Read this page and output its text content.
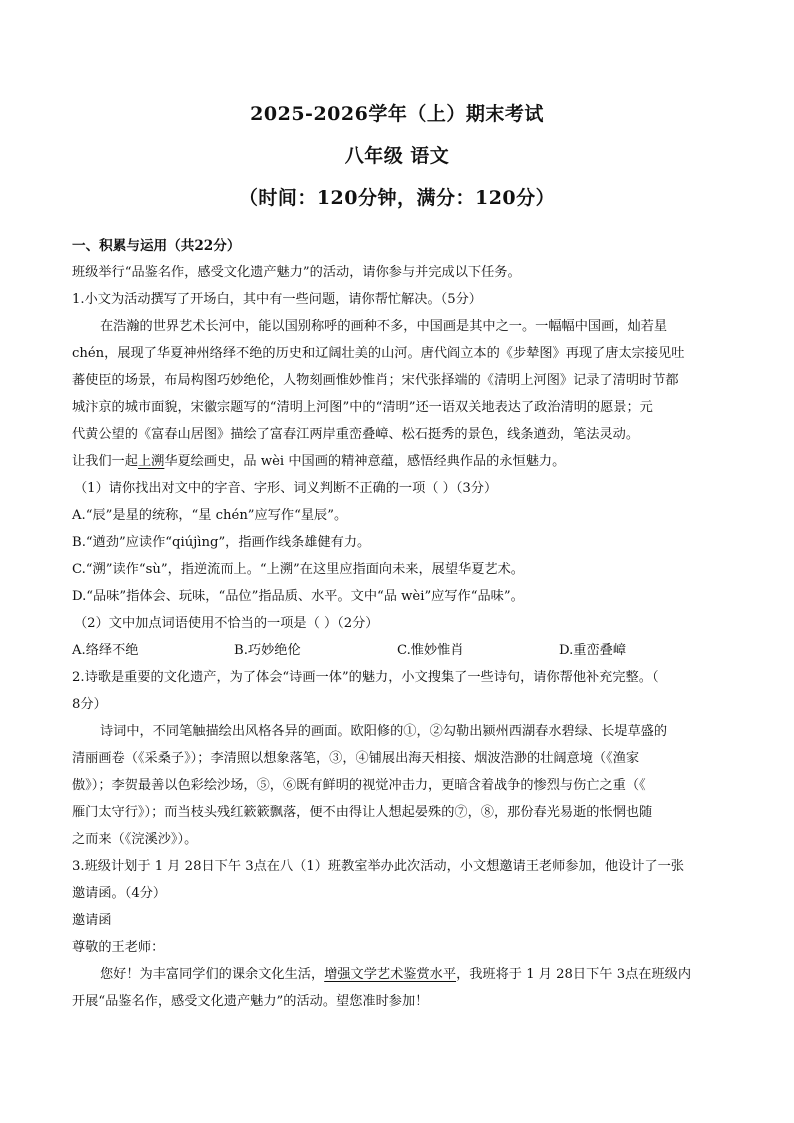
2025-2026学年（上）期末考试
八年级 语文
（时间：120分钟，满分：120分）
一、积累与运用（共22分）
班级举行“品鉴名作，感受文化遗产魅力”的活动，请你参与并完成以下任务。
1.小文为活动撰写了开场白，其中有一些问题，请你帮忙解决。（5分）
在浩瀚的世界艺术长河中，能以国别称呼的画种不多，中国画是其中之一。一幅幅中国画，灿若星
chén，展现了华夏神州络绎不绝的历史和辽阔壮美的山河。唐代阎立本的《步辇图》再现了唐太宗接见吐
蕃使臣的场景，布局构图巧妙绝伦，人物刻画惟妙惟肖；宋代张择端的《清明上河图》记录了清明时节都
城汴京的城市面貌，宋徽宗题写的“清明上河图”中的“清明”还一语双关地表达了政治清明的愿景；元
代黄公望的《富春山居图》描绘了富春江两岸重峦叠嶂、松石挺秀的景色，线条遒劲，笔法灵动。
让我们一起上溯华夏绘画史，品 wèi 中国画的精神意蕴，感悟经典作品的永恒魅力。
（1）请你找出对文中的字音、字形、词义判断不正确的一项（ ）（3分）
A.“辰”是星的统称，“星 chén”应写作“星辰”。
B.“遒劲”应读作“qiújìng”，指画作线条雄健有力。
C.“溯”读作“sù”，指逆流而上。“上溯”在这里应指面向未来，展望华夏艺术。
D.“品味”指体会、玩味，“品位”指品质、水平。文中“品 wèi”应写作“品味”。
（2）文中加点词语使用不恰当的一项是（ ）（2分）
A.络绎不绝	B.巧妙绝伦	C.惟妙惟肖	D.重峦叠嶂
2.诗歌是重要的文化遗产，为了体会“诗画一体”的魅力，小文搜集了一些诗句，请你帮他补充完整。（
8分）
诗词中，不同笔触描绘出风格各异的画面。欧阳修的①，②勾勒出颍州西湖春水碧绿、长堤草盛的
清丽画卷（《采桑子》）；李清照以想象落笔，③，④铺展出海天相接、烟波浩渺的壮阔意境（《渔家
傲》）；李贺最善以色彩绘沙场，⑤，⑥既有鲜明的视觉冲击力，更暗含着战争的惨烈与伤亡之重（《
雁门太守行》）；而当枝头残红簌簌飘落，便不由得让人想起晏殊的⑦，⑧，那份春光易逝的怅惘也随
之而来（《浣溪沙》）。
3.班级计划于 1 月 28日下午 3点在八（1）班教室举办此次活动，小文想邀请王老师参加，他设计了一张
邀请函。（4分）
邀请函
尊敬的王老师：
您好！为丰富同学们的课余文化生活，增强文学艺术鉴赏水平，我班将于 1 月 28日下午 3点在班级内
开展“品鉴名作，感受文化遗产魅力”的活动。望您准时参加！
